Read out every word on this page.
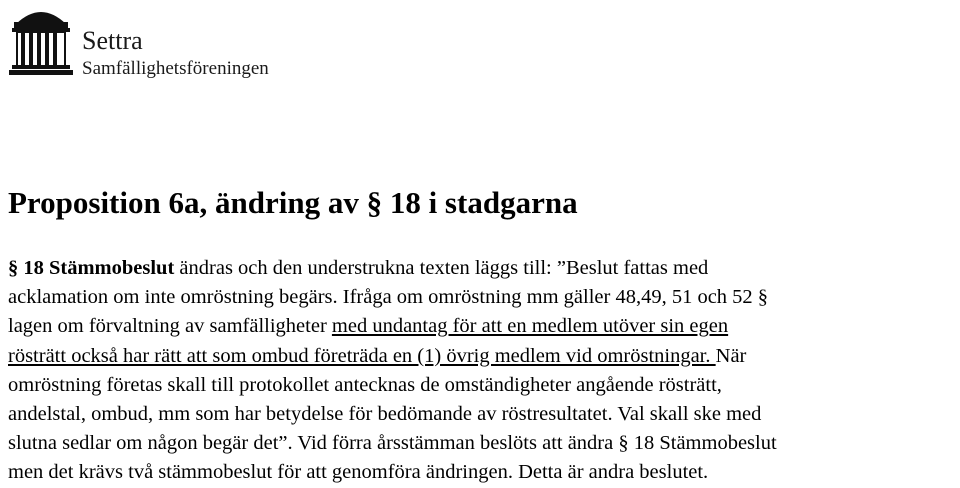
Settra
Samfällighetsföreningen
Proposition 6a, ändring av § 18 i stadgarna

§ 18 Stämmobeslut ändras och den understrukna texten läggs till: ”Beslut fattas med
acklamation om inte omröstning begärs. Ifråga om omröstning mm gäller 48,49, 51 och 52 §
lagen om förvaltning av samfälligheter med undantag för att en medlem utöver sin egen
rösträtt också har rätt att som ombud företräda en (1) övrig medlem vid omröstningar. När
omröstning företas skall till protokollet antecknas de omständigheter angående rösträtt,
andelstal, ombud, mm som har betydelse för bedömande av röstresultatet. Val skall ske med
slutna sedlar om någon begär det”. Vid förra årsstämman beslöts att ändra § 18 Stämmobeslut
men det krävs två stämmobeslut för att genomföra ändringen. Detta är andra beslutet.
